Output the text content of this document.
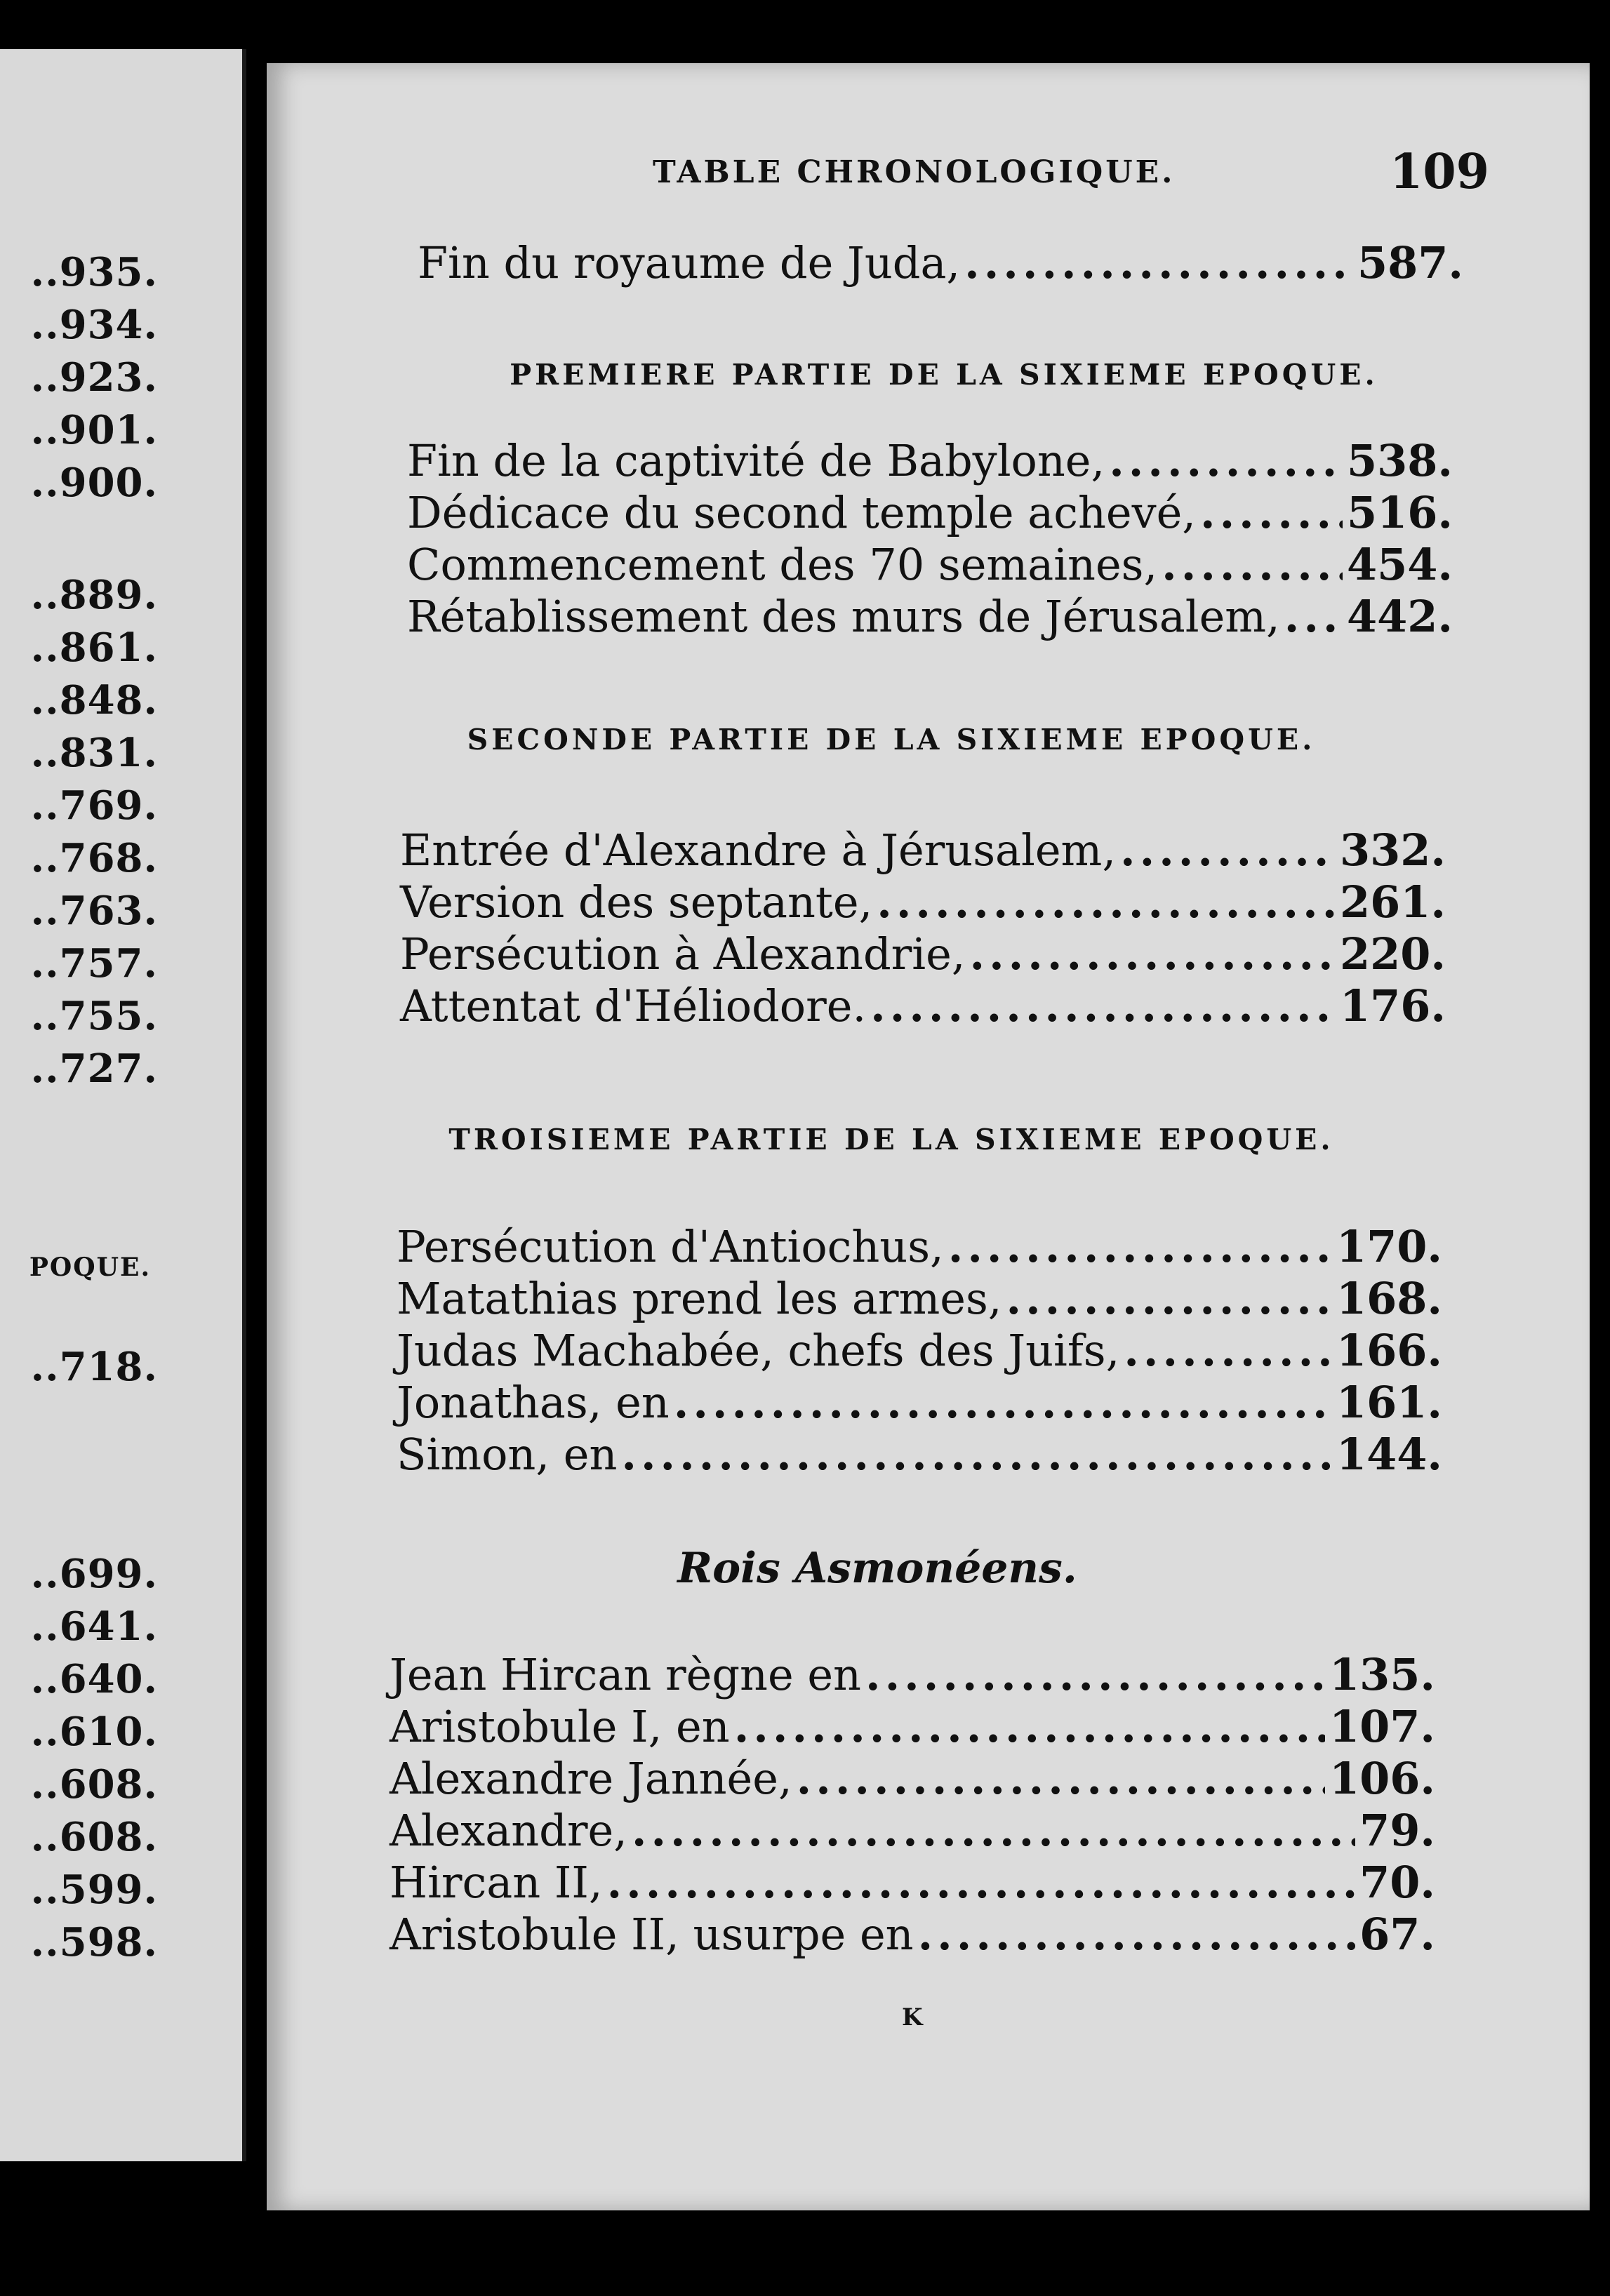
..935.
..934.
..923.
..901.
..900.
..889.
..861.
..848.
..831.
..769.
..768.
..763.
..757.
..755.
..727.
..699.
..641.
..640.
..610.
..608.
..608.
..599.
..598.
POQUE.
..718.
TABLE CHRONOLOGIQUE.	109
Fin du royaume de Juda, .....	587.
PREMIERE PARTIE DE LA SIXIEME EPOQUE.
Fin de la captivité de Babylone, .....	538.
Dédicace du second temple achevé, .....	516.
Commencement des 70 semaines, .....	454.
Rétablissement des murs de Jérusalem, ..... 442.
SECONDE PARTIE DE LA SIXIEME EPOQUE.
Entrée d'Alexandre à Jérusalem, .....	332.
Version des septante, .....	261.
Persécution à Alexandrie, .....	220.
Attentat d'Héliodore. .....	176.
TROISIEME PARTIE DE LA SIXIEME EPOQUE.
Persécution d'Antiochus, .....	170.
Matathias prend les armes, .....	168.
Judas Machabée, chefs des Juifs, .....	166.
Jonathas, en .....	161.
Simon, en .....	144.
Rois Asmonéens.
Jean Hircan règne en .....	135.
Aristobule I, en .....	107.
Alexandre Jannée, .....	106.
Alexandre, .....	79.
Hircan II, .....	70.
Aristobule II, usurpe en .....	67.
K
